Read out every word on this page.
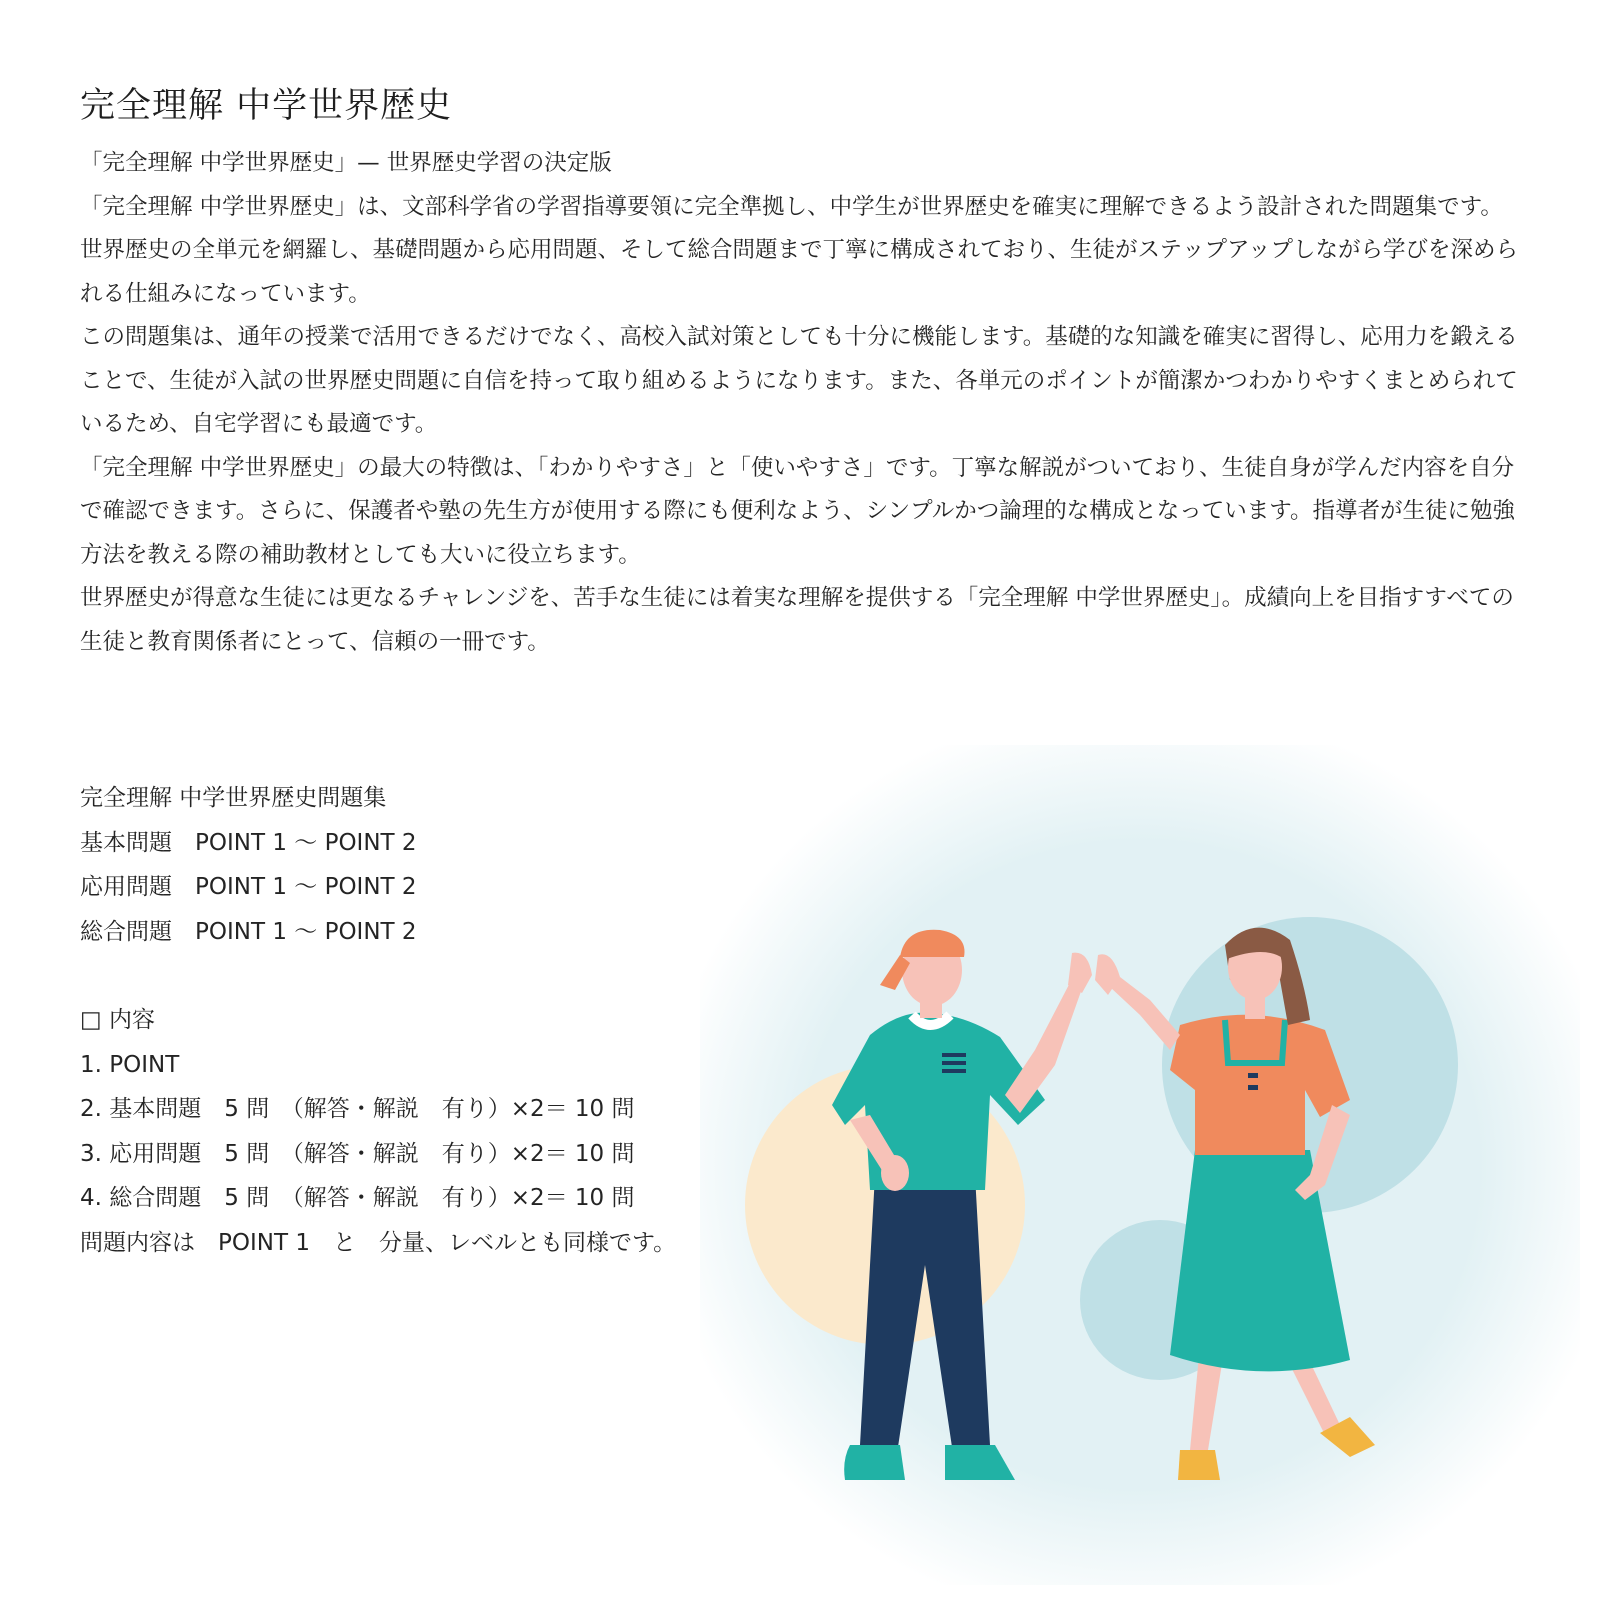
完全理解 中学世界歴史

「完全理解 中学世界歴史」— 世界歴史学習の決定版

「完全理解 中学世界歴史」は、文部科学省の学習指導要領に完全準拠し、中学生が世界歴史を確実に理解できるよう設計された問題集です。世界歴史の全単元を網羅し、基礎問題から応用問題、そして総合問題まで丁寧に構成されており、生徒がステップアップしながら学びを深められる仕組みになっています。

この問題集は、通年の授業で活用できるだけでなく、高校入試対策としても十分に機能します。基礎的な知識を確実に習得し、応用力を鍛えることで、生徒が入試の世界歴史問題に自信を持って取り組めるようになります。また、各単元のポイントが簡潔かつわかりやすくまとめられているため、自宅学習にも最適です。

「完全理解 中学世界歴史」の最大の特徴は、「わかりやすさ」と「使いやすさ」です。丁寧な解説がついており、生徒自身が学んだ内容を自分で確認できます。さらに、保護者や塾の先生方が使用する際にも便利なよう、シンプルかつ論理的な構成となっています。指導者が生徒に勉強方法を教える際の補助教材としても大いに役立ちます。

世界歴史が得意な生徒には更なるチャレンジを、苦手な生徒には着実な理解を提供する「完全理解 中学世界歴史」。成績向上を目指すすべての生徒と教育関係者にとって、信頼の一冊です。

完全理解 中学世界歴史問題集

基本問題　POINT 1 〜 POINT 2

応用問題　POINT 1 〜 POINT 2

総合問題　POINT 1 〜 POINT 2

□ 内容

1. POINT

2. 基本問題　5 問　（解答・解説　有り）×2＝ 10 問

3. 応用問題　5 問　（解答・解説　有り）×2＝ 10 問

4. 総合問題　5 問　（解答・解説　有り）×2＝ 10 問

問題内容は　POINT 1　と　分量、レベルとも同様です。
